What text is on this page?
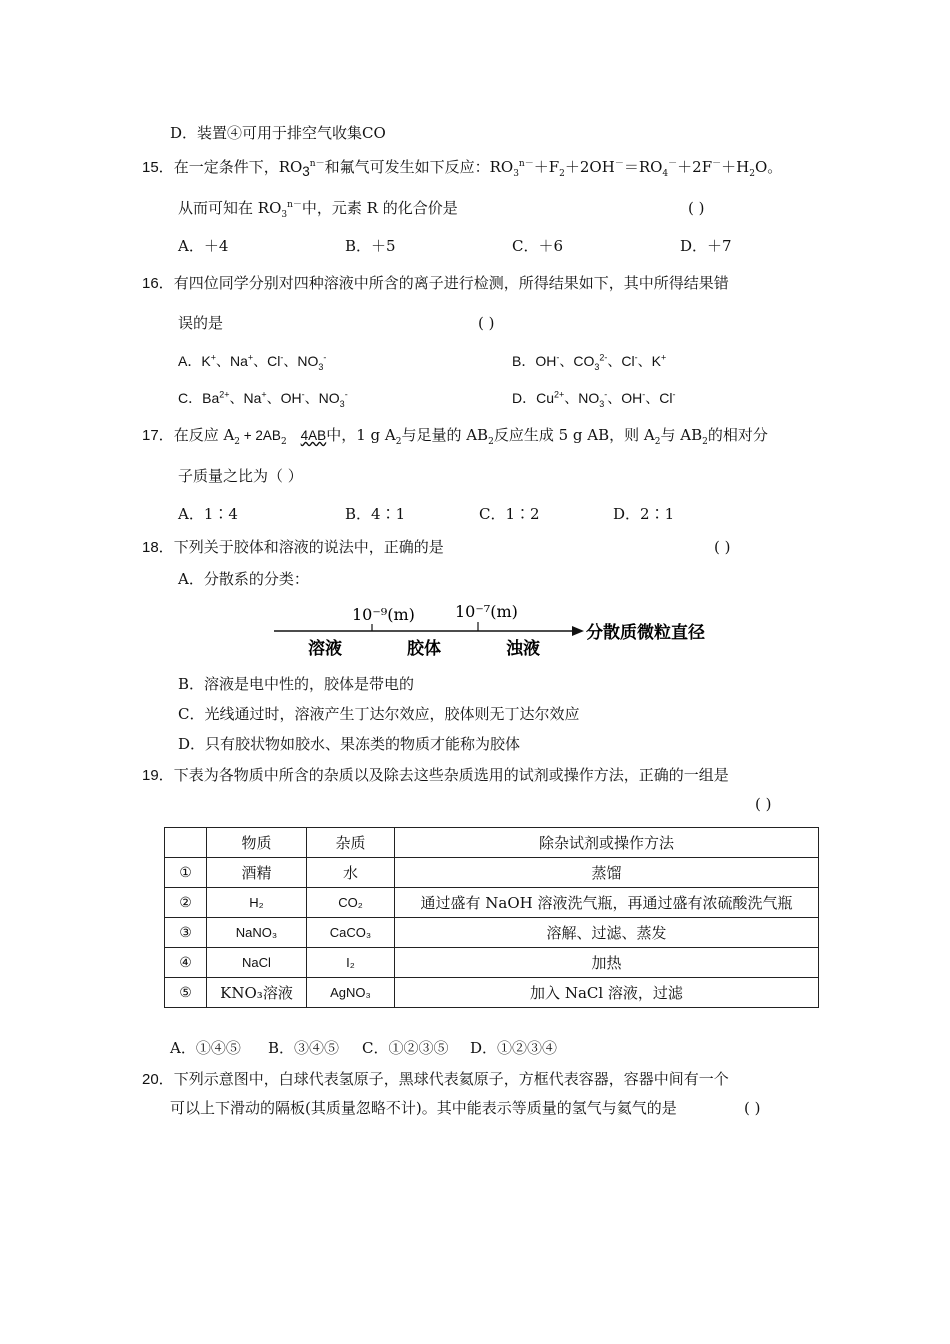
D．装置④可用于排空气收集CO
15．在一定条件下，$RO_3^{n-}$和氟气可发生如下反应：$RO_3^{n-}+F_2+2OH^-=RO_4^-+2F^-+H_2O$。
从而可知在 $RO_3^{n-}$中，元素 R 的化合价是	( )
A．＋4	B．＋5	C．＋6	D．＋7
16．有四位同学分别对四种溶液中所含的离子进行检测，所得结果如下，其中所得结果错
误的是	( )
A．K+、Na+、Cl-、$NO_3^-$	B．OH-、$CO_3^{2-}$、Cl-、K+
C．$Ba^{2+}$、Na+、OH-、$NO_3^-$	D．$Cu^{2+}$、$NO_3^-$、OH-、Cl-
17．在反应 $A_2 + 2AB_2$ 4AB中，1 g $A_2$与足量的 $AB_2$反应生成 5 g AB，则 $A_2$与 $AB_2$的相对分
子质量之比为（ ）
A．1∶4	B．4∶1	C．1∶2	D．2∶1
18．下列关于胶体和溶液的说法中，正确的是	( )
A．分散系的分类：
10⁻⁹(m)	10⁻⁷(m)
溶液	胶体	浊液
分散质微粒直径
B．溶液是电中性的，胶体是带电的
C．光线通过时，溶液产生丁达尔效应，胶体则无丁达尔效应
D．只有胶状物如胶水、果冻类的物质才能称为胶体
19．下表为各物质中所含的杂质以及除去这些杂质选用的试剂或操作方法，正确的一组是
( )
	物质	杂质	除杂试剂或操作方法
①	酒精	水	蒸馏
②	H₂	CO₂	通过盛有 NaOH 溶液洗气瓶，再通过盛有浓硫酸洗气瓶
③	NaNO₃	CaCO₃	溶解、过滤、蒸发
④	NaCl	I₂	加热
⑤	KNO₃溶液	AgNO₃	加入 NaCl 溶液，过滤
A．①④⑤ B．③④⑤ C．①②③⑤ D．①②③④
20．下列示意图中，白球代表氢原子，黑球代表氦原子，方框代表容器，容器中间有一个
可以上下滑动的隔板(其质量忽略不计)。其中能表示等质量的氢气与氦气的是	( )
